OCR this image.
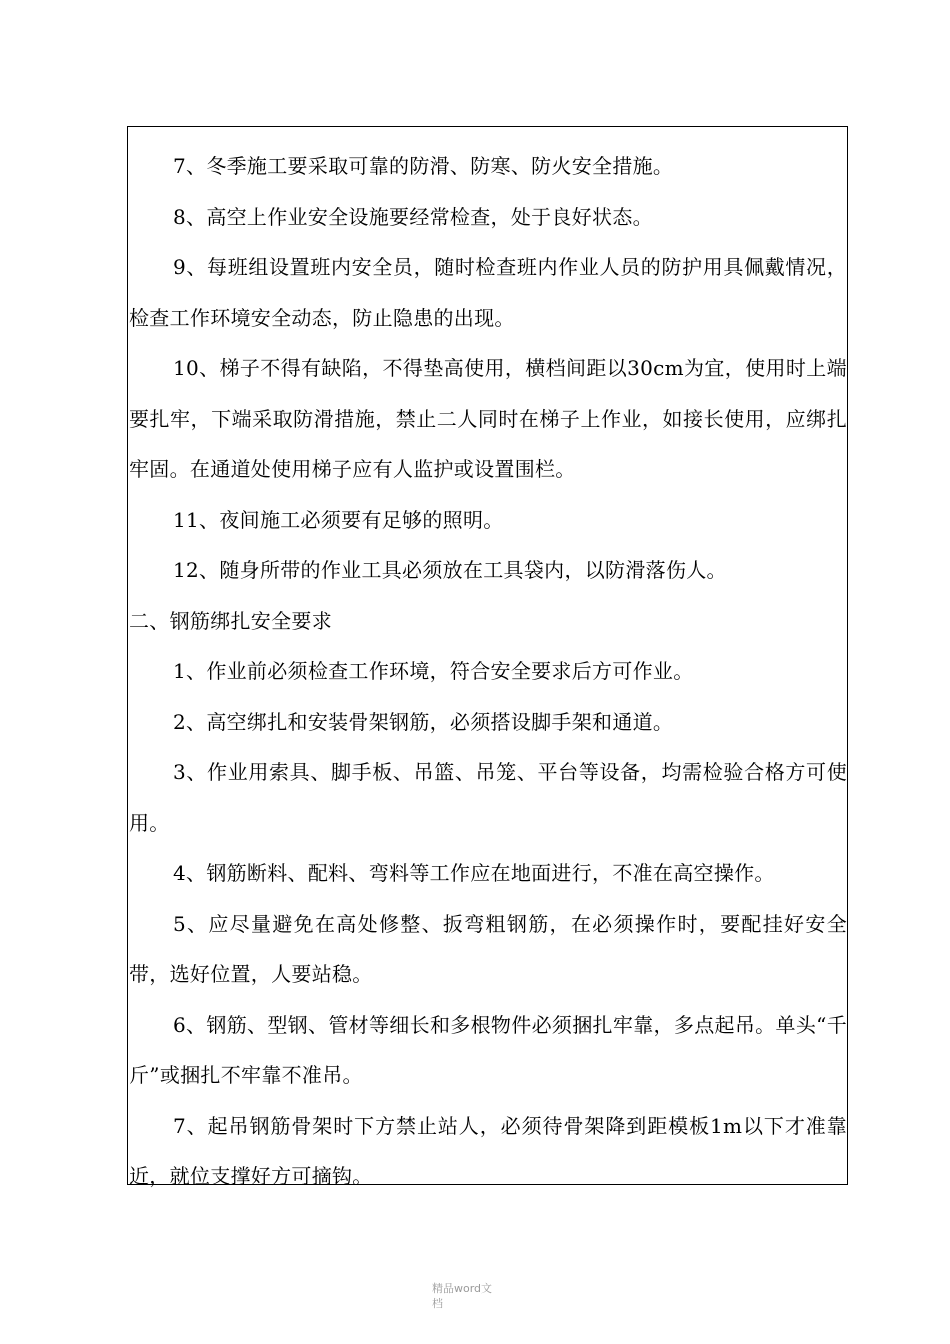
7、冬季施工要采取可靠的防滑、防寒、防火安全措施。

8、高空上作业安全设施要经常检查，处于良好状态。

9、每班组设置班内安全员，随时检查班内作业人员的防护用具佩戴情况，检查工作环境安全动态，防止隐患的出现。

10、梯子不得有缺陷，不得垫高使用，横档间距以30cm为宜，使用时上端要扎牢，下端采取防滑措施，禁止二人同时在梯子上作业，如接长使用，应绑扎牢固。在通道处使用梯子应有人监护或设置围栏。

11、夜间施工必须要有足够的照明。

12、随身所带的作业工具必须放在工具袋内，以防滑落伤人。

二、钢筋绑扎安全要求

1、作业前必须检查工作环境，符合安全要求后方可作业。

2、高空绑扎和安装骨架钢筋，必须搭设脚手架和通道。

3、作业用索具、脚手板、吊篮、吊笼、平台等设备，均需检验合格方可使用。

4、钢筋断料、配料、弯料等工作应在地面进行，不准在高空操作。

5、应尽量避免在高处修整、扳弯粗钢筋，在必须操作时，要配挂好安全带，选好位置，人要站稳。

6、钢筋、型钢、管材等细长和多根物件必须捆扎牢靠，多点起吊。单头“千斤”或捆扎不牢靠不准吊。

7、起吊钢筋骨架时下方禁止站人，必须待骨架降到距模板1m以下才准靠近，就位支撑好方可摘钩。

精品word文
档
